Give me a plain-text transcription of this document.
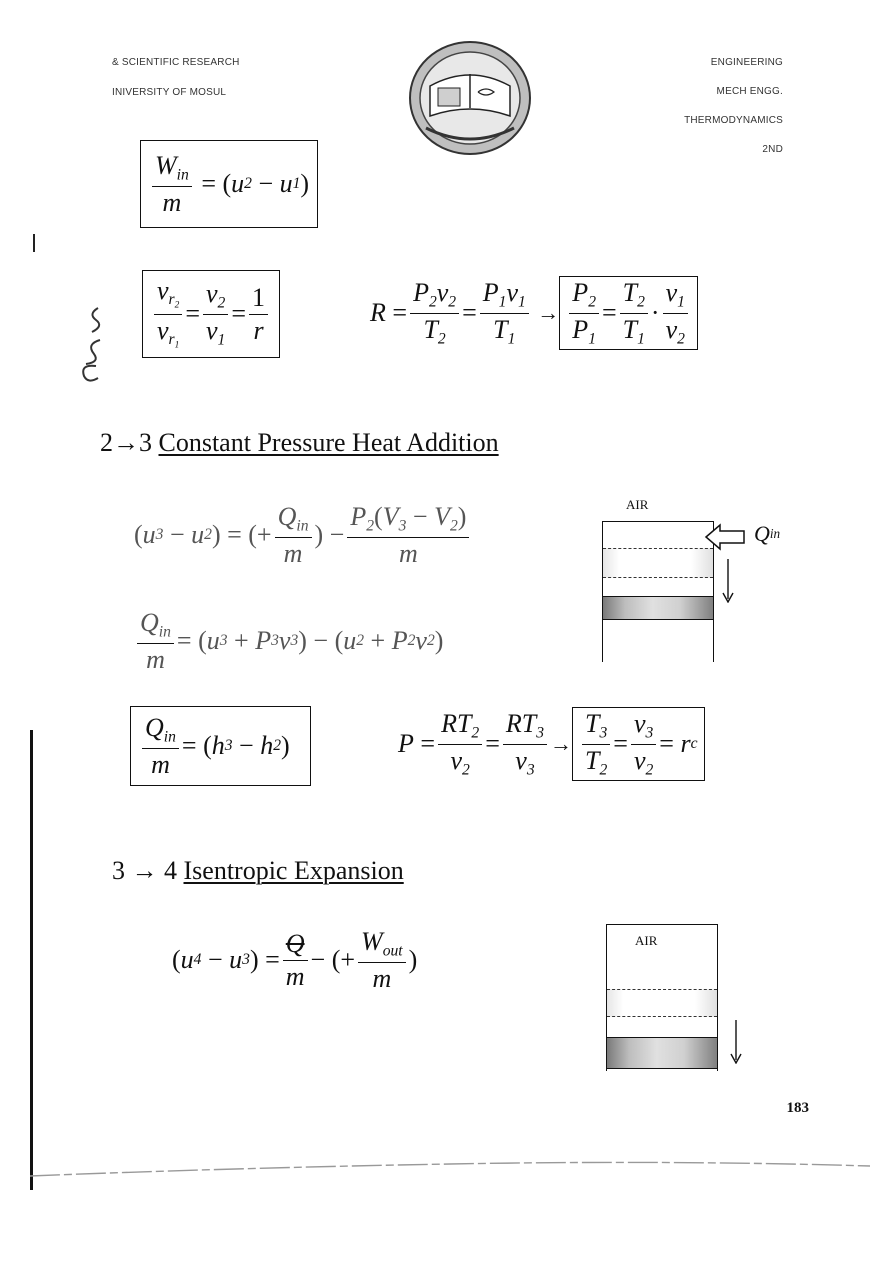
& SCIENTIFIC RESEARCH
INIVERSITY OF MOSUL
ENGINEERING
MECH ENGG.
THERMODYNAMICS
2ND
$\frac{W_{in}}{m}$ = ( u 2 − u 1 )
$\frac{v_{r_2}}{v_{r_1}} = \frac{v_2}{v_1} = \frac{1}{r}$	$R = \frac{P_2v_2}{T_2} = \frac{P_1v_1}{T_1} \to \frac{P_2}{P_1} = \frac{T_2}{T_1} \cdot \frac{v_1}{v_2}$
2→3 Constant Pressure Heat Addition
( u 3 − u 2 ) = (+ $\frac{Q_{in}}{m}$ ) − $\frac{P_2(V_3 - V_2)}{m}$	AIR
Q in
$\frac{Q_{in}}{m}$ = ( u 3 + P 3 v 3 ) − ( u 2 + P 2 v 2 )
$\frac{Q_{in}}{m}$ = ( h 3 − h 2 )	$P = \frac{RT_2}{v_2} = \frac{RT_3}{v_3} \to \frac{T_3}{T_2} = \frac{v_3}{v_2} = r$ c
3 → 4 Isentropic Expansion
( u 4 − u 3 ) = $\frac{Q}{m}$ − (+ $\frac{W_{out}}{m}$ )
AIR
183
